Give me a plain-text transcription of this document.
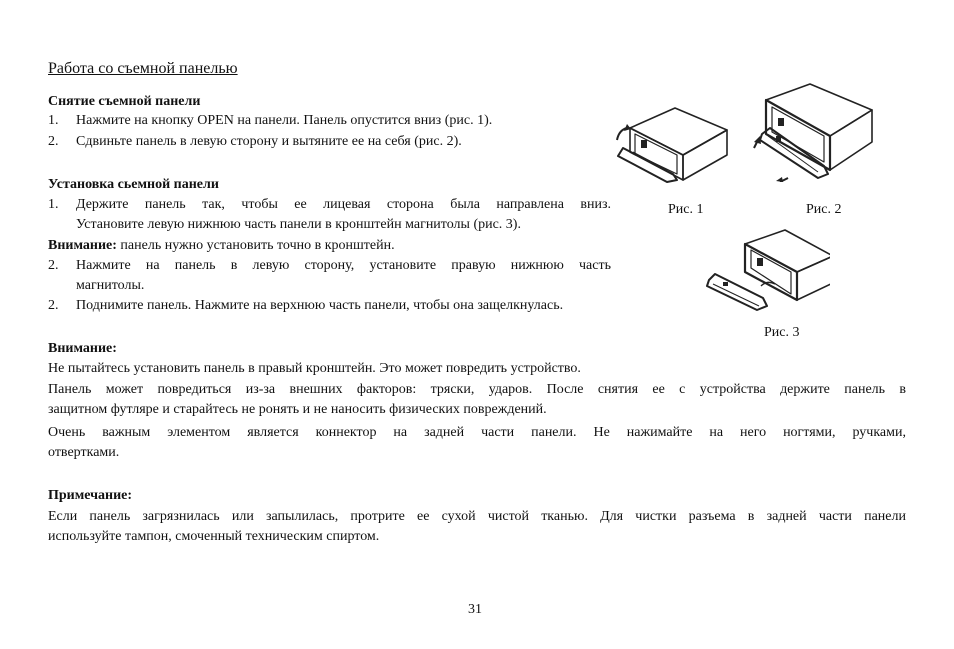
Работа со съемной панелью
Снятие съемной панели
1. Нажмите на кнопку OPEN на панели. Панель опустится вниз (рис. 1).
2. Сдвиньте панель в левую сторону и вытяните ее на себя (рис. 2).
Установка сьемной панели
1.	Держите панель так, чтобы ее лицевая сторона была направлена вниз.
Установите левую нижнюю часть панели в кронштейн магнитолы (рис. 3).
Внимание: панель нужно установить точно в кронштейн.
2.	Нажмите на панель в левую сторону, установите правую нижнюю часть
магнитолы.
2. Поднимите панель. Нажмите на верхнюю часть панели, чтобы она защелкнулась.
Внимание:
Не пытайтесь установить панель в правый кронштейн. Это может повредить устройство.
Панель может повредиться из-за внешних факторов: тряски, ударов. После снятия ее с устройства держите панель в
защитном футляре и старайтесь не ронять и не наносить физических повреждений.
Очень важным элементом является коннектор на задней части панели. Не нажимайте на него ногтями, ручками,
отвертками.
Примечание:
Если панель загрязнилась или запылилась, протрите ее сухой чистой тканью. Для чистки разъема в задней части панели
используйте тампон, смоченный техническим спиртом.
Рис. 1	Рис. 2
Рис. 3
31
